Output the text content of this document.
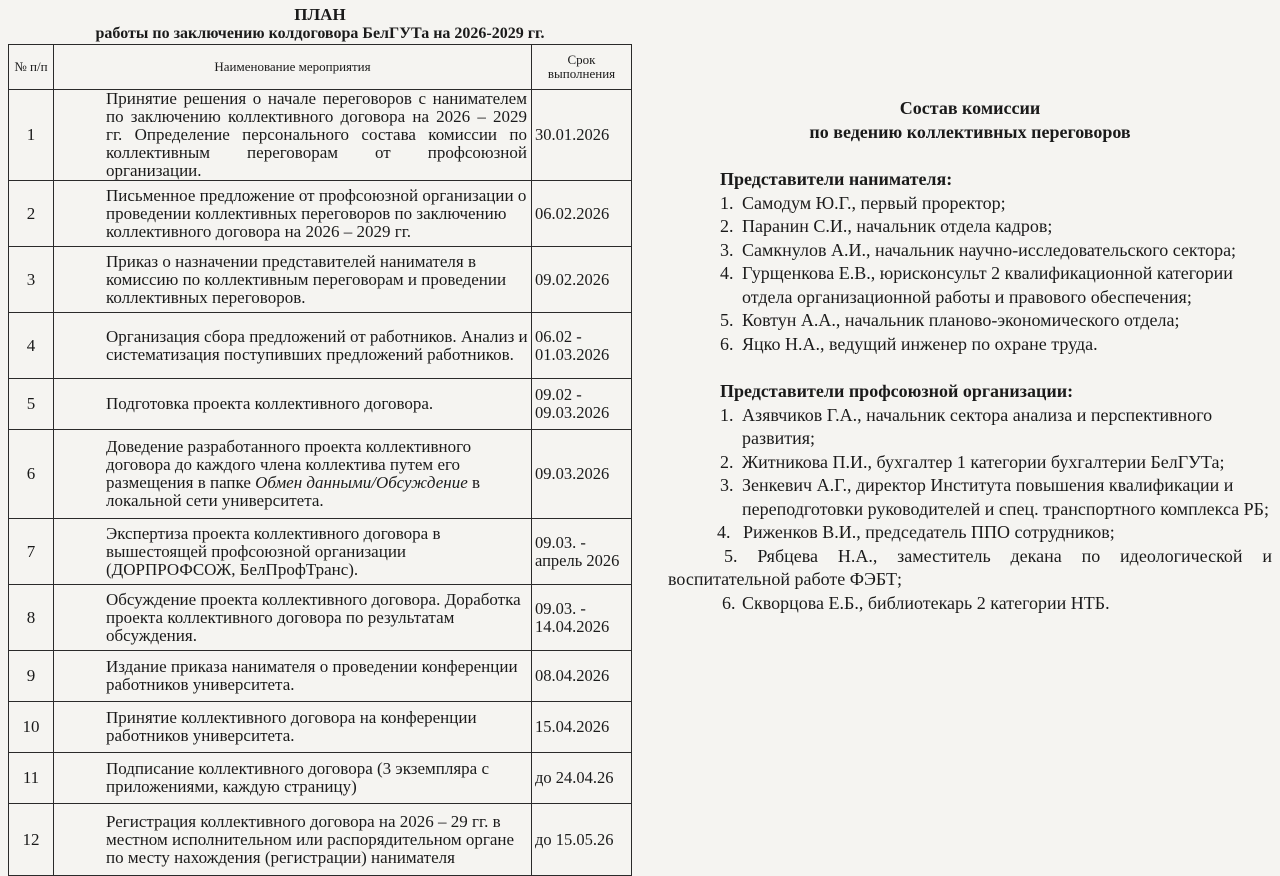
ПЛАН
работы по заключению колдоговора БелГУТа на 2026-2029 гг.
№ п/п	Наименование мероприятия	Срок выполнения
1	Принятие решения о начале переговоров с нанимателем по заключению коллективного договора на 2026 – 2029 гг. Определение персонального состава комиссии по коллективным переговорам от профсоюзной организации.	30.01.2026
2	Письменное предложение от профсоюзной организации о проведении коллективных переговоров по заключению коллективного договора на 2026 – 2029 гг.	06.02.2026
3	Приказ о назначении представителей нанимателя в комиссию по коллективным переговорам и проведении коллективных переговоров.	09.02.2026
4	Организация сбора предложений от работников. Анализ и систематизация поступивших предложений работников.	06.02 - 01.03.2026
5	Подготовка проекта коллективного договора.	09.02 - 09.03.2026
6	Доведение разработанного проекта коллективного договора до каждого члена коллектива путем его размещения в папке Обмен данными/Обсуждение в локальной сети университета.	09.03.2026
7	Экспертиза проекта коллективного договора в вышестоящей профсоюзной организации (ДОРПРОФСОЖ, БелПрофТранс).	09.03. - апрель 2026
8	Обсуждение проекта коллективного договора. Доработка проекта коллективного договора по результатам обсуждения.	09.03. - 14.04.2026
9	Издание приказа нанимателя о проведении конференции работников университета.	08.04.2026
10	Принятие коллективного договора на конференции работников университета.	15.04.2026
11	Подписание коллективного договора (3 экземпляра с приложениями, каждую страницу)	до 24.04.26
12	Регистрация коллективного договора на 2026 – 29 гг. в местном исполнительном или распорядительном органе по месту нахождения (регистрации) нанимателя	до 15.05.26
Состав комиссии
по ведению коллективных переговоров
Представители нанимателя:
1. Самодум Ю.Г., первый проректор;
2. Паранин С.И., начальник отдела кадров;
3. Самкнулов А.И., начальник научно-исследовательского сектора;
4. Гурщенкова Е.В., юрисконсульт 2 квалификационной категории отдела организационной работы и правового обеспечения;
5. Ковтун А.А., начальник планово-экономического отдела;
6. Яцко Н.А., ведущий инженер по охране труда.
Представители профсоюзной организации:
1. Азявчиков Г.А., начальник сектора анализа и перспективного развития;
2. Житникова П.И., бухгалтер 1 категории бухгалтерии БелГУТа;
3. Зенкевич А.Г., директор Института повышения квалификации и переподготовки руководителей и спец. транспортного комплекса РБ;
4. Риженков В.И., председатель ППО сотрудников;
5. Рябцева Н.А., заместитель декана по идеологической и воспитательной работе ФЭБТ;
6. Скворцова Е.Б., библиотекарь 2 категории НТБ.
